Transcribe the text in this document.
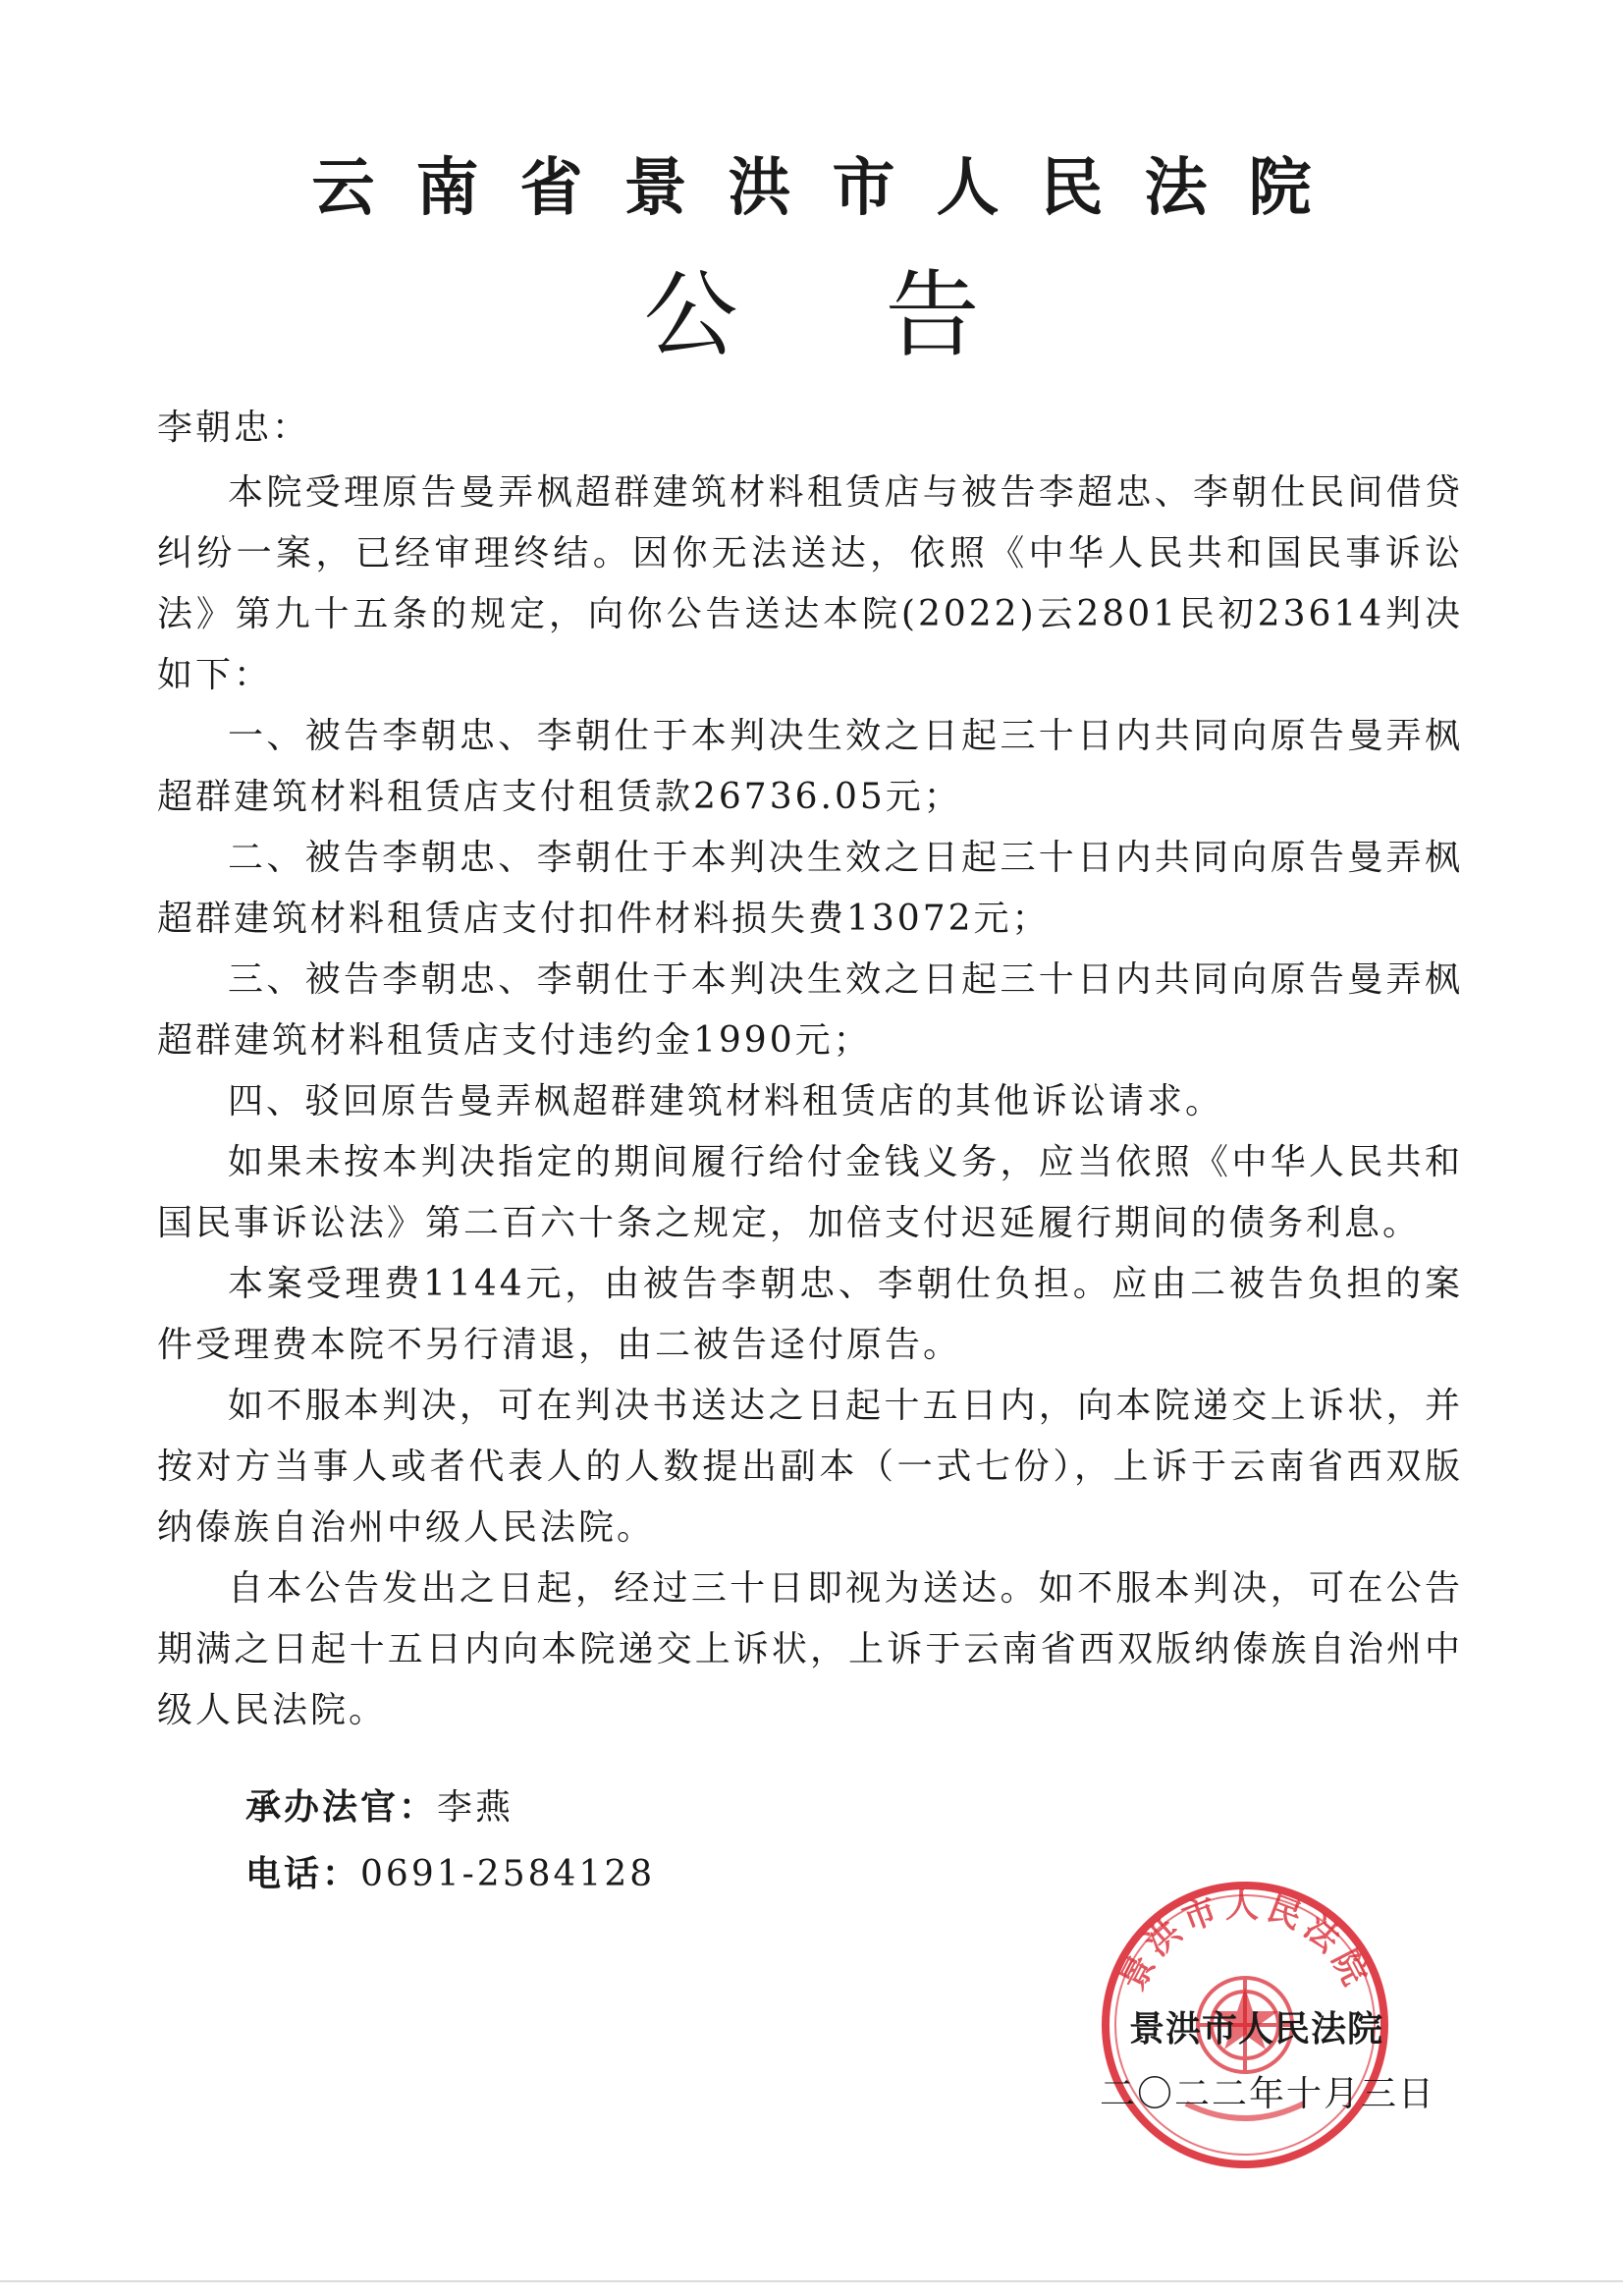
云南省景洪市人民法院
公告

李朝忠：

本院受理原告曼弄枫超群建筑材料租赁店与被告李超忠、李朝仕民间借贷纠纷一案，已经审理终结。因你无法送达，依照《中华人民共和国民事诉讼法》第九十五条的规定，向你公告送达本院(2022)云2801民初23614判决如下：

一、被告李朝忠、李朝仕于本判决生效之日起三十日内共同向原告曼弄枫超群建筑材料租赁店支付租赁款26736.05元；

二、被告李朝忠、李朝仕于本判决生效之日起三十日内共同向原告曼弄枫超群建筑材料租赁店支付扣件材料损失费13072元；

三、被告李朝忠、李朝仕于本判决生效之日起三十日内共同向原告曼弄枫超群建筑材料租赁店支付违约金1990元；

四、驳回原告曼弄枫超群建筑材料租赁店的其他诉讼请求。

如果未按本判决指定的期间履行给付金钱义务，应当依照《中华人民共和国民事诉讼法》第二百六十条之规定，加倍支付迟延履行期间的债务利息。

本案受理费1144元，由被告李朝忠、李朝仕负担。应由二被告负担的案件受理费本院不另行清退，由二被告迳付原告。

如不服本判决，可在判决书送达之日起十五日内，向本院递交上诉状，并按对方当事人或者代表人的人数提出副本（一式七份），上诉于云南省西双版纳傣族自治州中级人民法院。

自本公告发出之日起，经过三十日即视为送达。如不服本判决，可在公告期满之日起十五日内向本院递交上诉状，上诉于云南省西双版纳傣族自治州中级人民法院。

承办法官：李燕
电话：0691-2584128
景洪市人民法院
景洪市人民法院
二〇二二年十月三日
